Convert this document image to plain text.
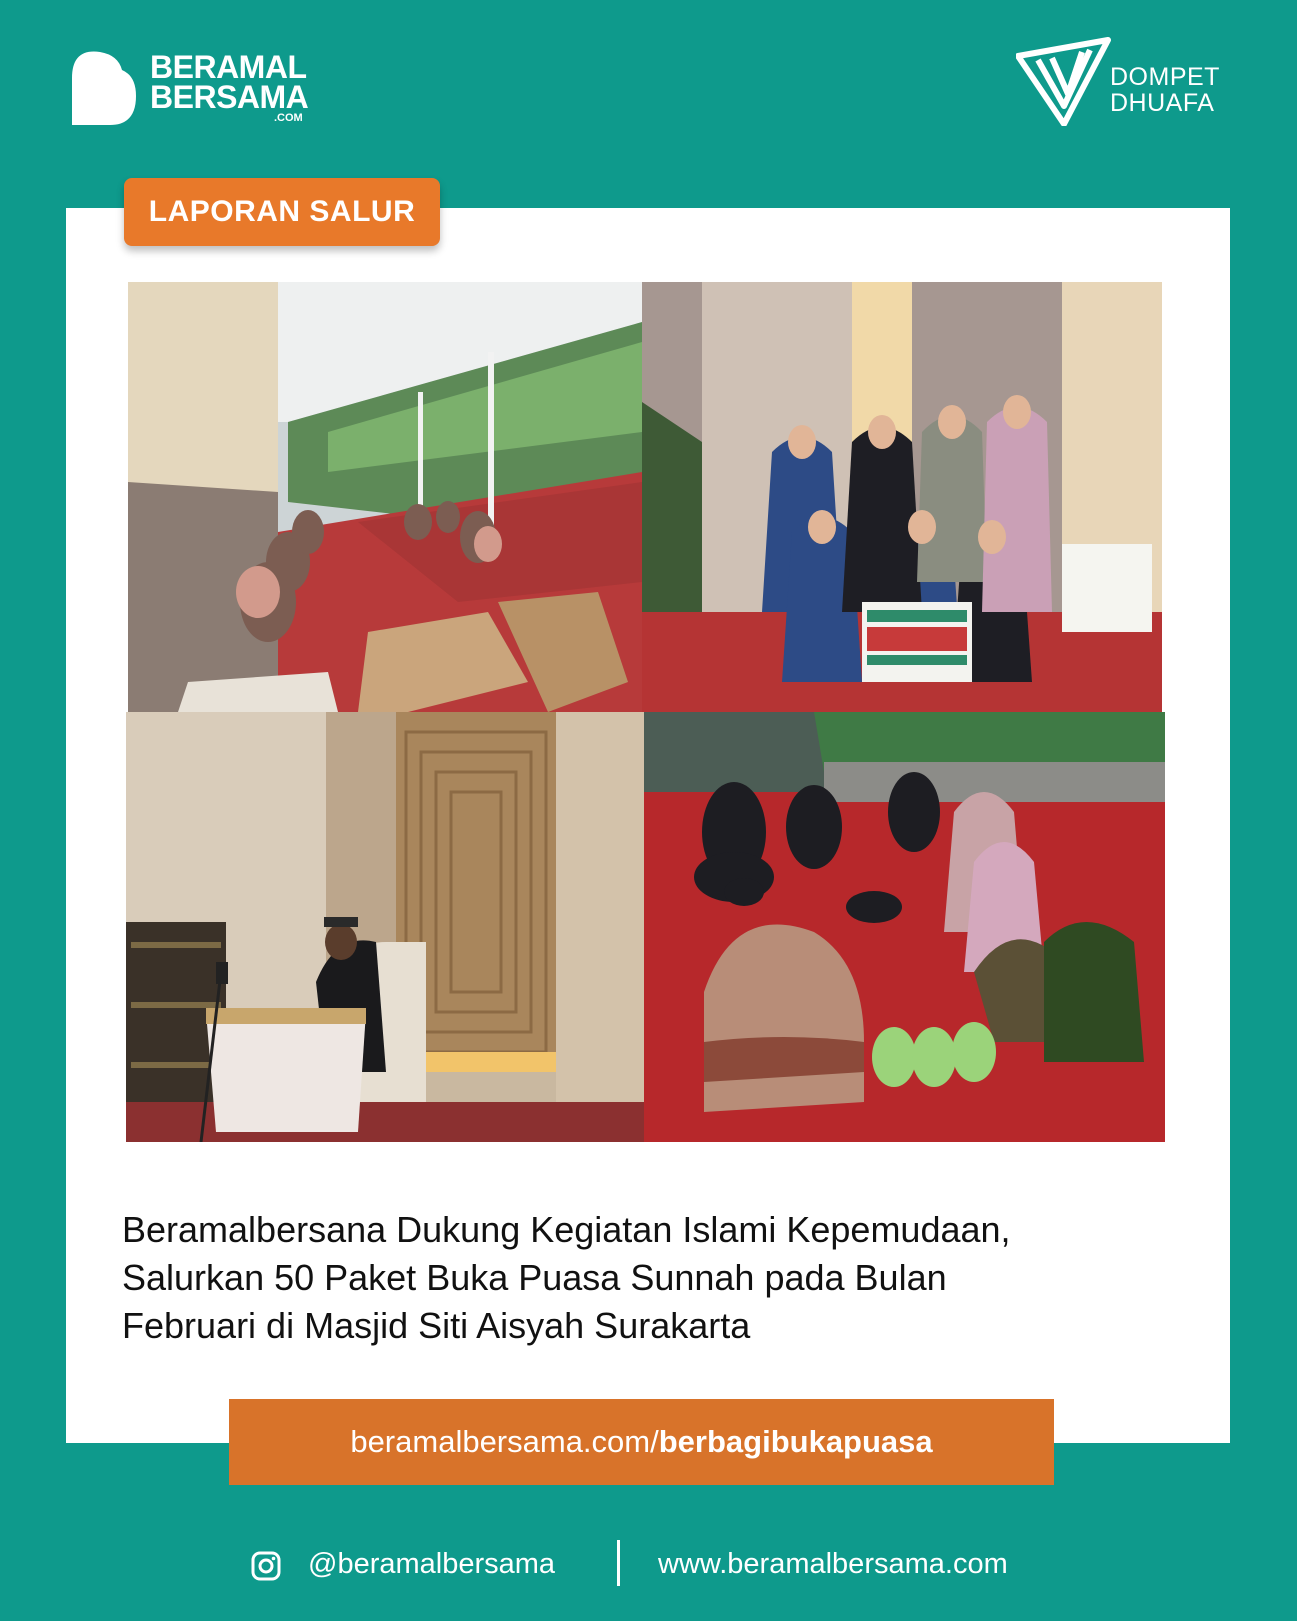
BERAMAL
BERSAMA
.COM
DOMPET
DHUAFA
LAPORAN SALUR
Beramalbersana Dukung Kegiatan Islami Kepemudaan,
Salurkan 50 Paket Buka Puasa Sunnah pada Bulan
Februari di Masjid Siti Aisyah Surakarta
beramalbersama.com/berbagibukapuasa
@beramalbersama	www.beramalbersama.com
